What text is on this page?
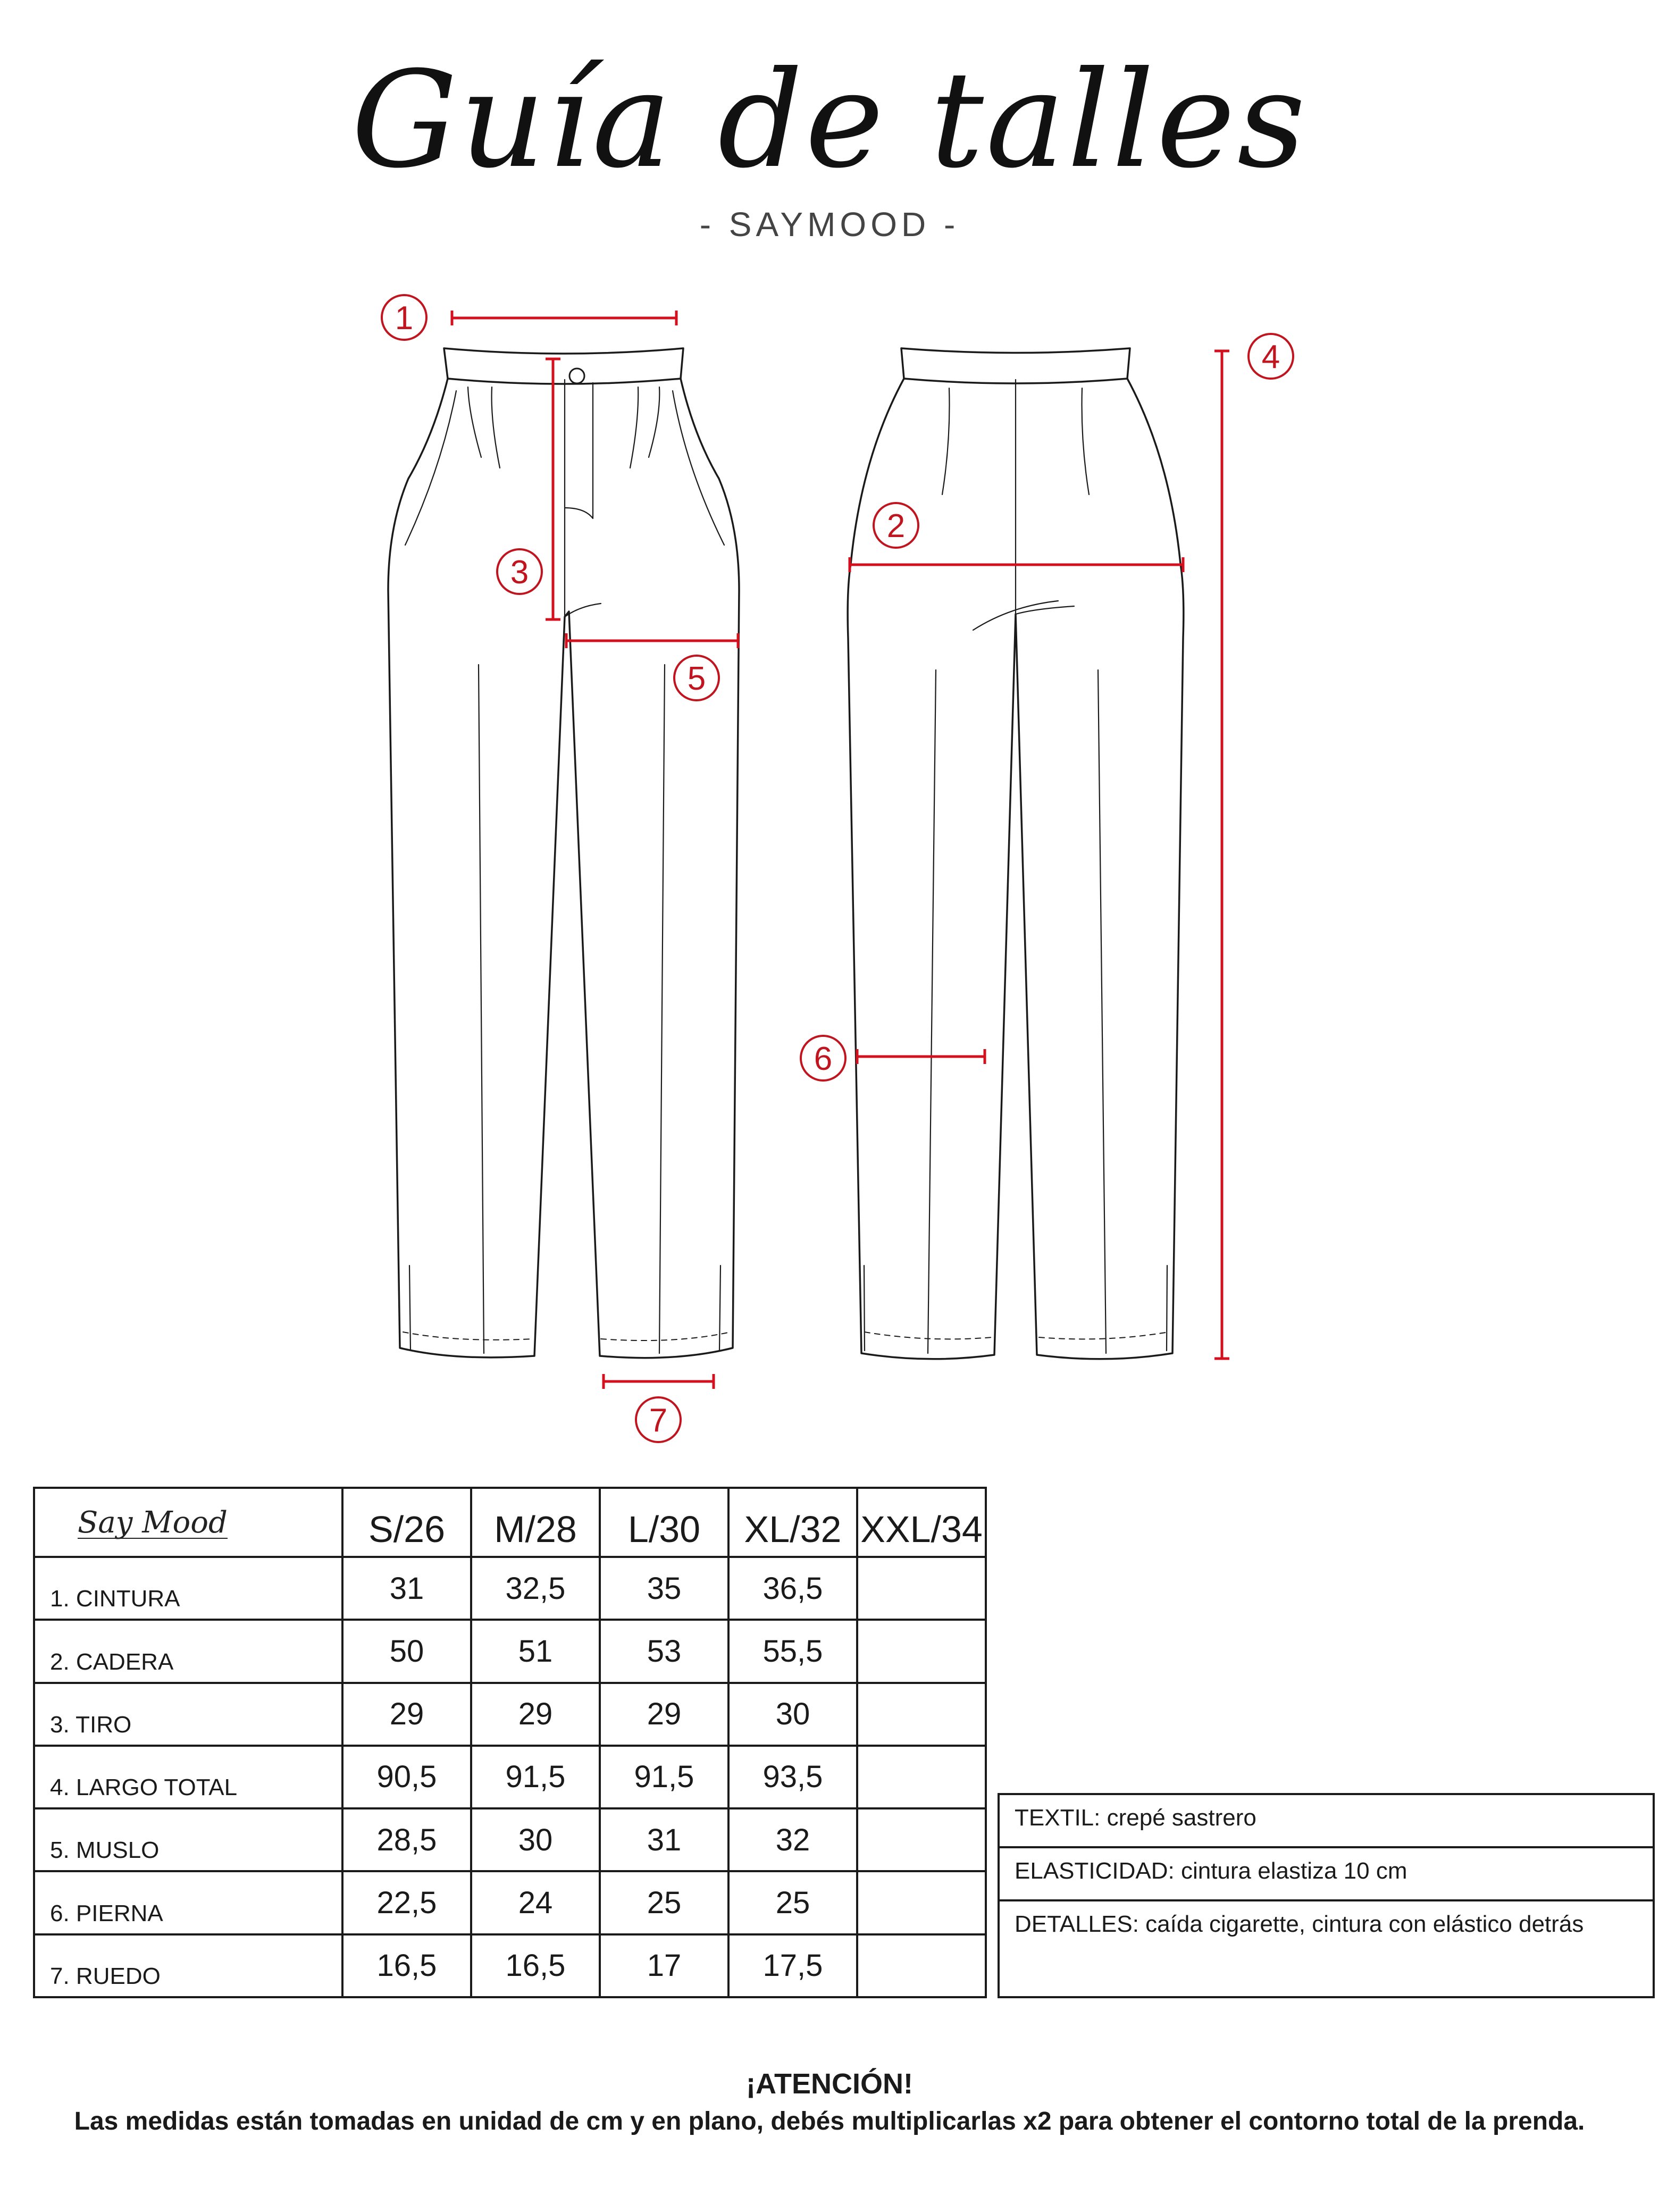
Guía de talles
- SAYMOOD -
1
2
3
4
5
6
7
Say Mood	S/26	M/28	L/30	XL/32	XXL/34
1. CINTURA	31	32,5	35	36,5	
2. CADERA	50	51	53	55,5	
3. TIRO	29	29	29	30	
4. LARGO TOTAL	90,5	91,5	91,5	93,5	
5. MUSLO	28,5	30	31	32	
6. PIERNA	22,5	24	25	25	
7. RUEDO	16,5	16,5	17	17,5	
TEXTIL: crepé sastrero
ELASTICIDAD: cintura elastiza 10 cm
DETALLES: caída cigarette, cintura con elástico detrás
¡ATENCIÓN!
Las medidas están tomadas en unidad de cm y en plano, debés multiplicarlas x2 para obtener el contorno total de la prenda.
